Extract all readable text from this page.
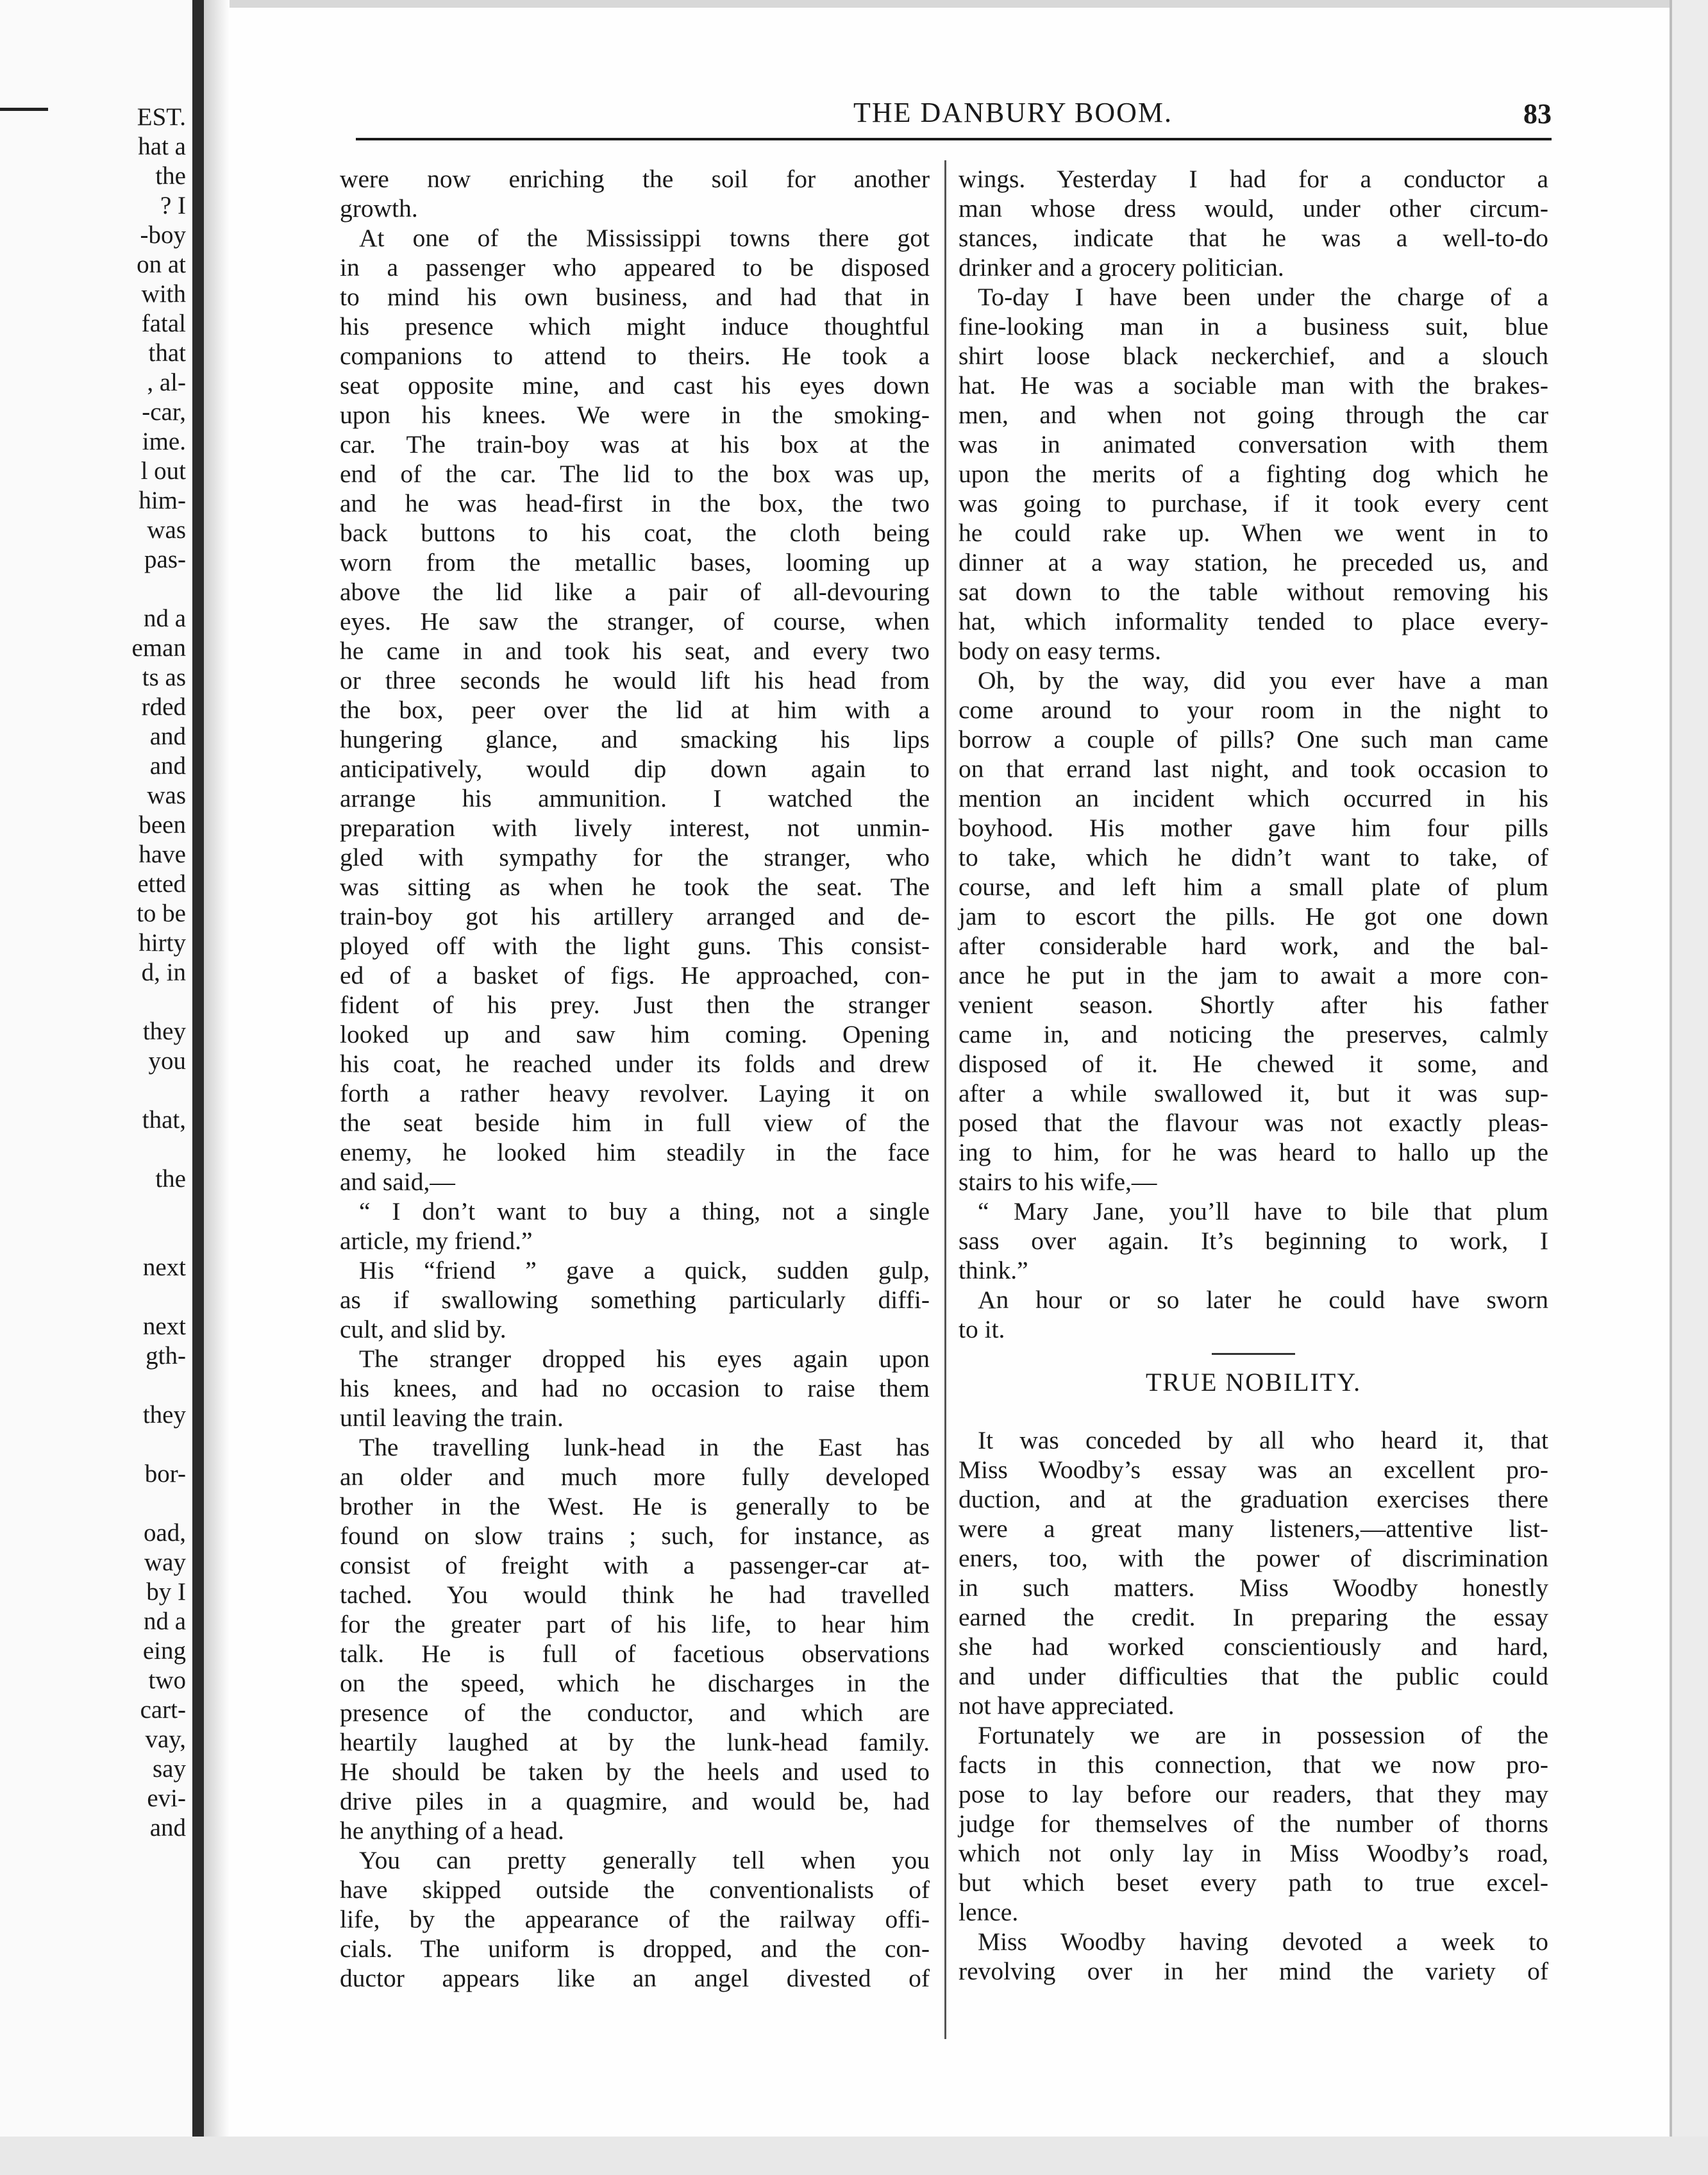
EST.
hat a
the
? I
-boy
on at
with
fatal
that
, al-
-car,
ime.
l out
him-
was
pas-
nd a
eman
ts as
rded
and
and
was
been
have
etted
to be
hirty
d, in
they
you
that,
the
next
next
gth-
they
bor-
oad,
way
by I
nd a
eing
two
cart-
vay,
say
evi-
and
THE DANBURY BOOM.	83
were now enriching the soil for another
growth.
At one of the Mississippi towns there got
in a passenger who appeared to be disposed
to mind his own business, and had that in
his presence which might induce thoughtful
companions to attend to theirs. He took a
seat opposite mine, and cast his eyes down
upon his knees. We were in the smoking-
car. The train-boy was at his box at the
end of the car. The lid to the box was up,
and he was head-first in the box, the two
back buttons to his coat, the cloth being
worn from the metallic bases, looming up
above the lid like a pair of all-devouring
eyes. He saw the stranger, of course, when
he came in and took his seat, and every two
or three seconds he would lift his head from
the box, peer over the lid at him with a
hungering glance, and smacking his lips
anticipatively, would dip down again to
arrange his ammunition. I watched the
preparation with lively interest, not unmin-
gled with sympathy for the stranger, who
was sitting as when he took the seat. The
train-boy got his artillery arranged and de-
ployed off with the light guns. This consist-
ed of a basket of figs. He approached, con-
fident of his prey. Just then the stranger
looked up and saw him coming. Opening
his coat, he reached under its folds and drew
forth a rather heavy revolver. Laying it on
the seat beside him in full view of the
enemy, he looked him steadily in the face
and said,—
“ I don’t want to buy a thing, not a single
article, my friend.”
His “friend ” gave a quick, sudden gulp,
as if swallowing something particularly diffi-
cult, and slid by.
The stranger dropped his eyes again upon
his knees, and had no occasion to raise them
until leaving the train.
The travelling lunk-head in the East has
an older and much more fully developed
brother in the West. He is generally to be
found on slow trains ; such, for instance, as
consist of freight with a passenger-car at-
tached. You would think he had travelled
for the greater part of his life, to hear him
talk. He is full of facetious observations
on the speed, which he discharges in the
presence of the conductor, and which are
heartily laughed at by the lunk-head family.
He should be taken by the heels and used to
drive piles in a quagmire, and would be, had
he anything of a head.
You can pretty generally tell when you
have skipped outside the conventionalists of
life, by the appearance of the railway offi-
cials. The uniform is dropped, and the con-
ductor appears like an angel divested of
wings. Yesterday I had for a conductor a
man whose dress would, under other circum-
stances, indicate that he was a well-to-do
drinker and a grocery politician.
To-day I have been under the charge of a
fine-looking man in a business suit, blue
shirt loose black neckerchief, and a slouch
hat. He was a sociable man with the brakes-
men, and when not going through the car
was in animated conversation with them
upon the merits of a fighting dog which he
was going to purchase, if it took every cent
he could rake up. When we went in to
dinner at a way station, he preceded us, and
sat down to the table without removing his
hat, which informality tended to place every-
body on easy terms.
Oh, by the way, did you ever have a man
come around to your room in the night to
borrow a couple of pills? One such man came
on that errand last night, and took occasion to
mention an incident which occurred in his
boyhood. His mother gave him four pills
to take, which he didn’t want to take, of
course, and left him a small plate of plum
jam to escort the pills. He got one down
after considerable hard work, and the bal-
ance he put in the jam to await a more con-
venient season. Shortly after his father
came in, and noticing the preserves, calmly
disposed of it. He chewed it some, and
after a while swallowed it, but it was sup-
posed that the flavour was not exactly pleas-
ing to him, for he was heard to hallo up the
stairs to his wife,—
“ Mary Jane, you’ll have to bile that plum
sass over again. It’s beginning to work, I
think.”
An hour or so later he could have sworn
to it.
TRUE NOBILITY.
It was conceded by all who heard it, that
Miss Woodby’s essay was an excellent pro-
duction, and at the graduation exercises there
were a great many listeners,—attentive list-
eners, too, with the power of discrimination
in such matters. Miss Woodby honestly
earned the credit. In preparing the essay
she had worked conscientiously and hard,
and under difficulties that the public could
not have appreciated.
Fortunately we are in possession of the
facts in this connection, that we now pro-
pose to lay before our readers, that they may
judge for themselves of the number of thorns
which not only lay in Miss Woodby’s road,
but which beset every path to true excel-
lence.
Miss Woodby having devoted a week to
revolving over in her mind the variety of
